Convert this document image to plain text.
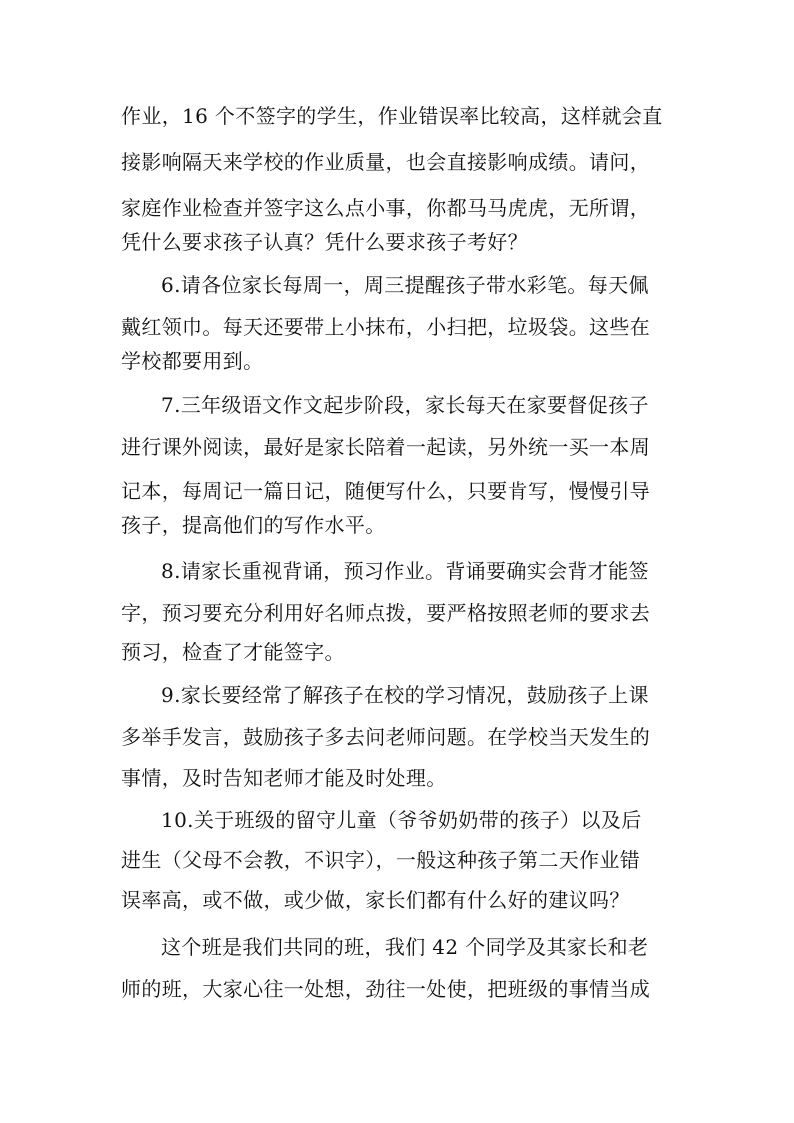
作业，16 个不签字的学生，作业错误率比较高，这样就会直
接影响隔天来学校的作业质量，也会直接影响成绩。请问，
家庭作业检查并签字这么点小事，你都马马虎虎，无所谓，
凭什么要求孩子认真？凭什么要求孩子考好？
6.请各位家长每周一，周三提醒孩子带水彩笔。每天佩
戴红领巾。每天还要带上小抹布，小扫把，垃圾袋。这些在
学校都要用到。
7.三年级语文作文起步阶段，家长每天在家要督促孩子
进行课外阅读，最好是家长陪着一起读，另外统一买一本周
记本，每周记一篇日记，随便写什么，只要肯写，慢慢引导
孩子，提高他们的写作水平。
8.请家长重视背诵，预习作业。背诵要确实会背才能签
字，预习要充分利用好名师点拨，要严格按照老师的要求去
预习，检查了才能签字。
9.家长要经常了解孩子在校的学习情况，鼓励孩子上课
多举手发言，鼓励孩子多去问老师问题。在学校当天发生的
事情，及时告知老师才能及时处理。
10.关于班级的留守儿童（爷爷奶奶带的孩子）以及后
进生（父母不会教，不识字），一般这种孩子第二天作业错
误率高，或不做，或少做，家长们都有什么好的建议吗？
这个班是我们共同的班，我们 42 个同学及其家长和老
师的班，大家心往一处想，劲往一处使，把班级的事情当成
